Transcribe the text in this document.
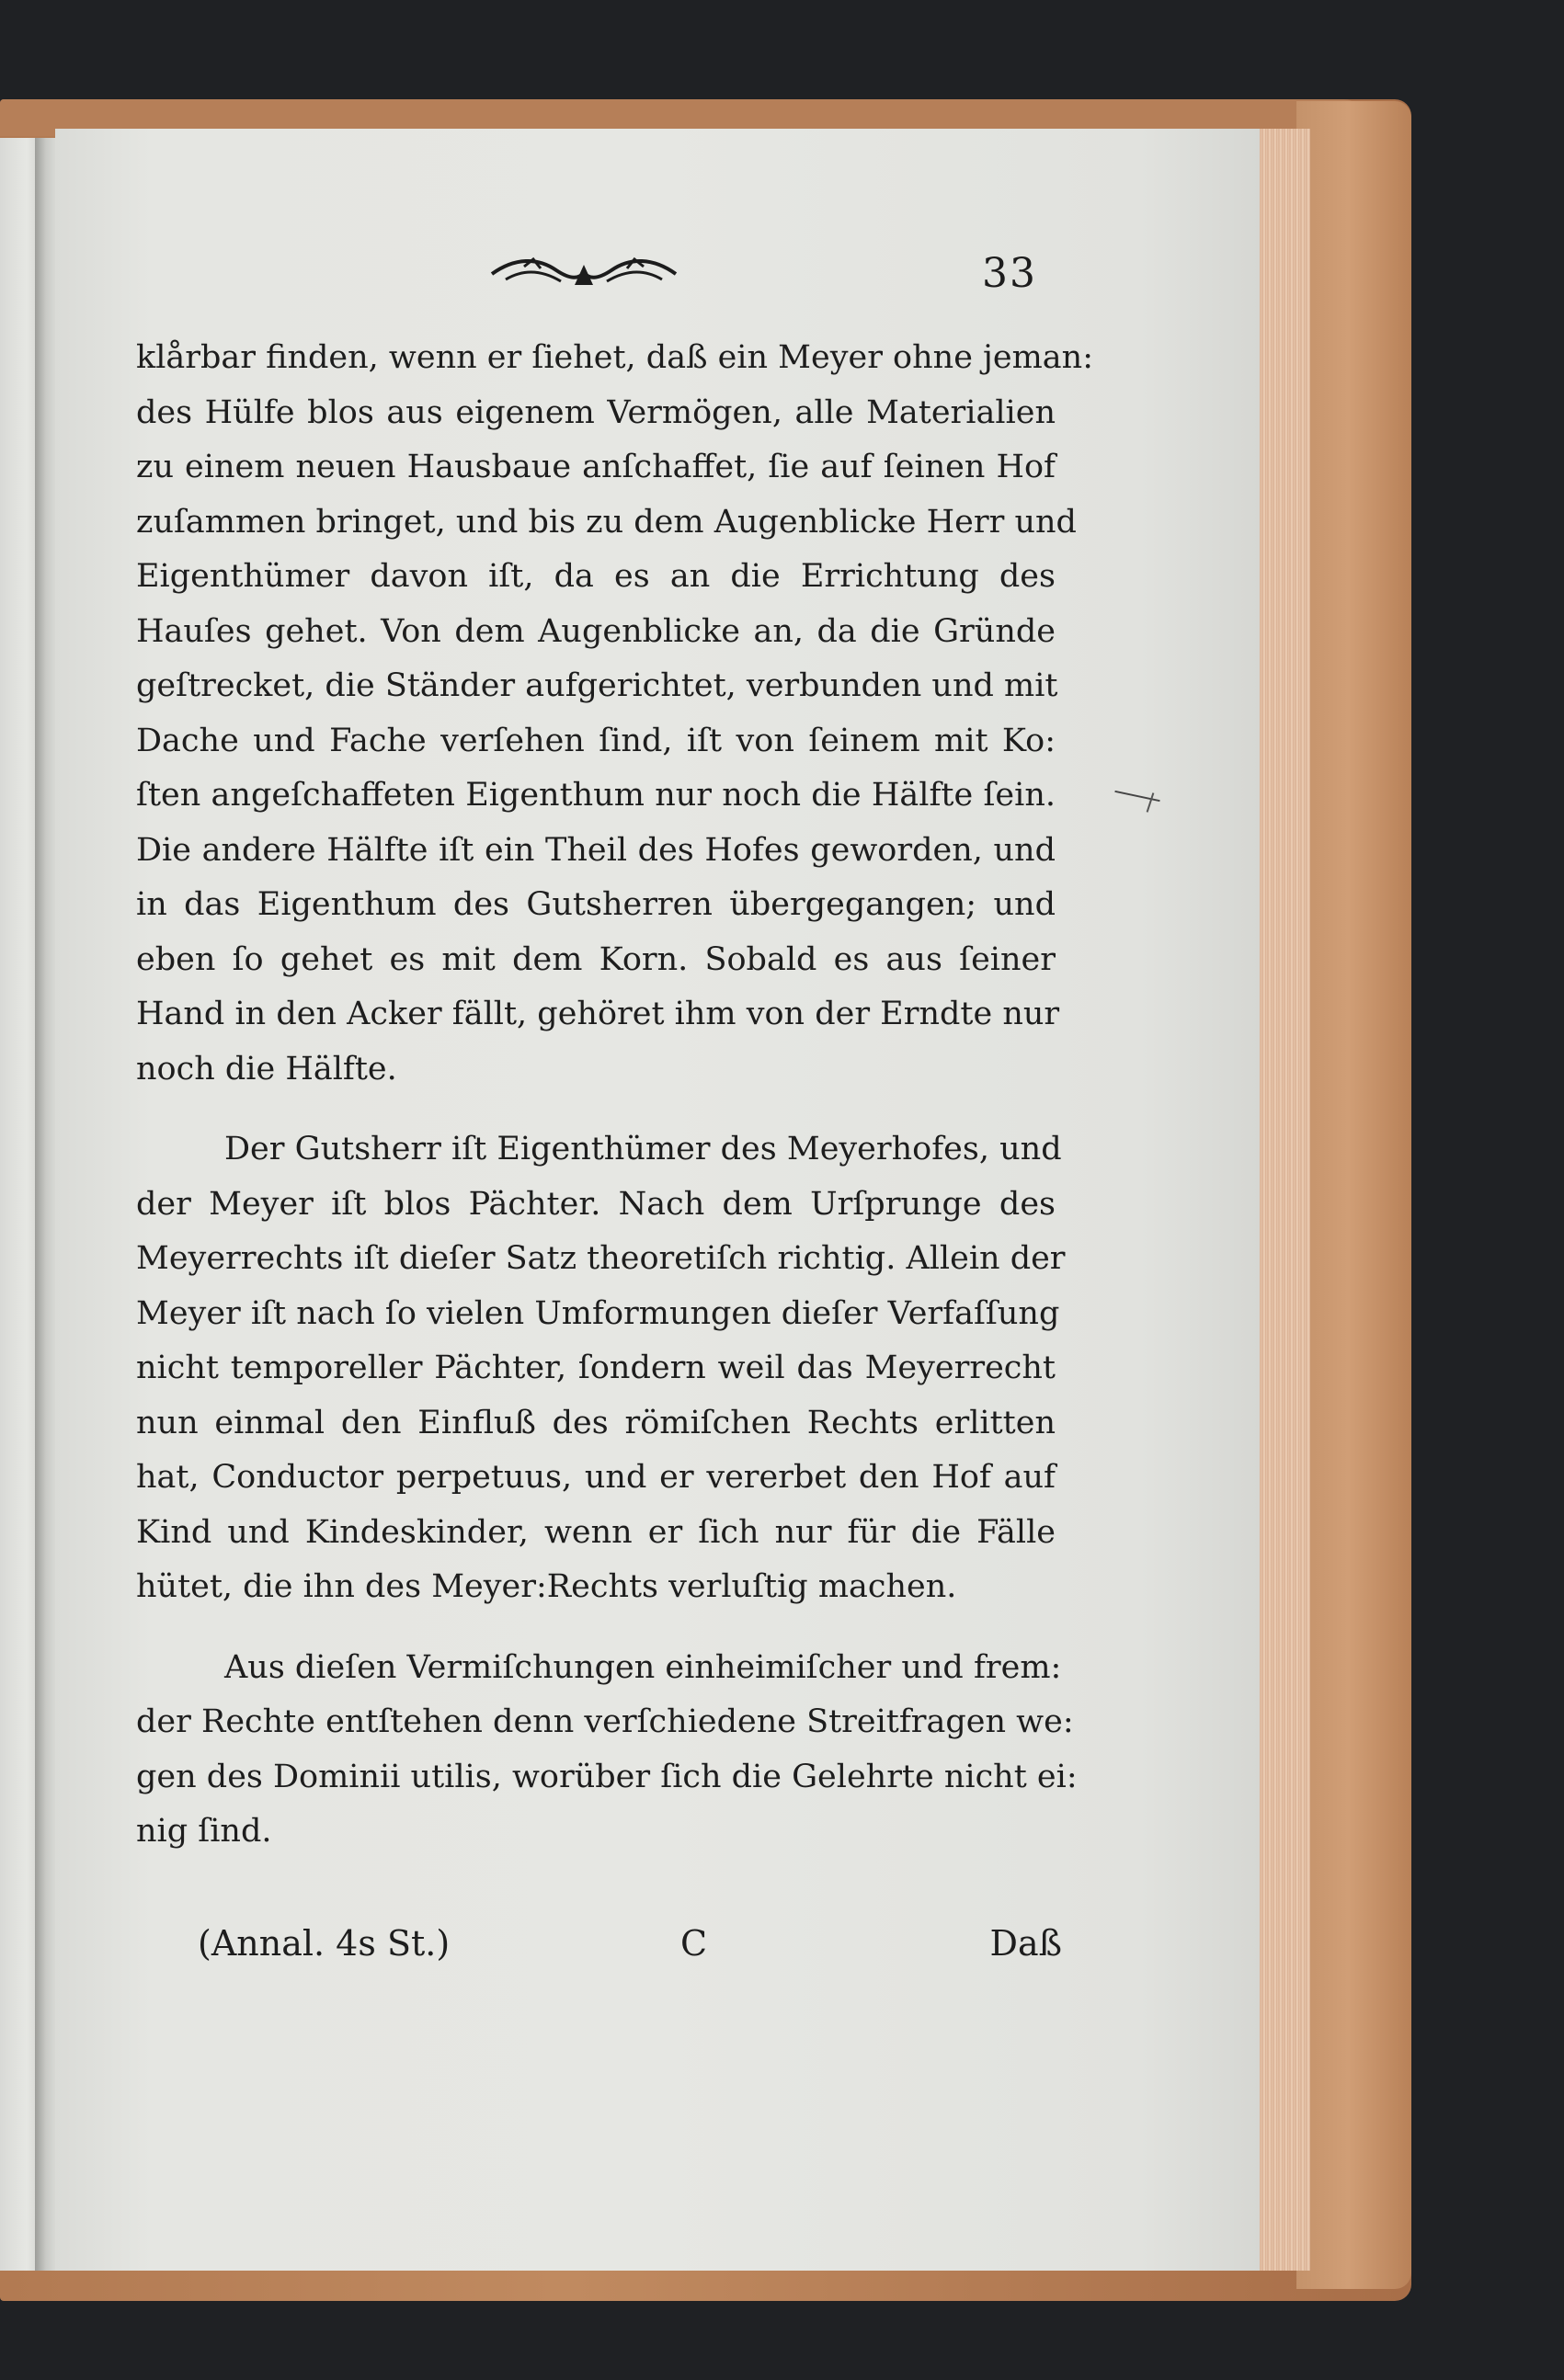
33
klårbar finden, wenn er ſiehet, daß ein Meyer ohne jeman:
des Hülfe blos aus eigenem Vermögen, alle Materialien
zu einem neuen Hausbaue anſchaffet, ſie auf ſeinen Hof
zuſammen bringet, und bis zu dem Augenblicke Herr und
Eigenthümer davon iſt, da es an die Errichtung des
Hauſes gehet. Von dem Augenblicke an, da die Gründe
geſtrecket, die Ständer aufgerichtet, verbunden und mit
Dache und Fache verſehen ſind, iſt von ſeinem mit Ko:
ſten angeſchaffeten Eigenthum nur noch die Hälfte ſein.
Die andere Hälfte iſt ein Theil des Hofes geworden, und
in das Eigenthum des Gutsherren übergegangen; und
eben ſo gehet es mit dem Korn. Sobald es aus ſeiner
Hand in den Acker fällt, gehöret ihm von der Erndte nur
noch die Hälfte.
Der Gutsherr iſt Eigenthümer des Meyerhofes, und
der Meyer iſt blos Pächter. Nach dem Urſprunge des
Meyerrechts iſt dieſer Satz theoretiſch richtig. Allein der
Meyer iſt nach ſo vielen Umformungen dieſer Verfaſſung
nicht temporeller Pächter, ſondern weil das Meyerrecht
nun einmal den Einfluß des römiſchen Rechts erlitten
hat, Conductor perpetuus, und er vererbet den Hof auf
Kind und Kindeskinder, wenn er ſich nur für die Fälle
hütet, die ihn des Meyer:Rechts verluſtig machen.
Aus dieſen Vermiſchungen einheimiſcher und frem:
der Rechte entſtehen denn verſchiedene Streitfragen we:
gen des Dominii utilis, worüber ſich die Gelehrte nicht ei:
nig ſind.
(Annal. 4s St.)	C	Daß
